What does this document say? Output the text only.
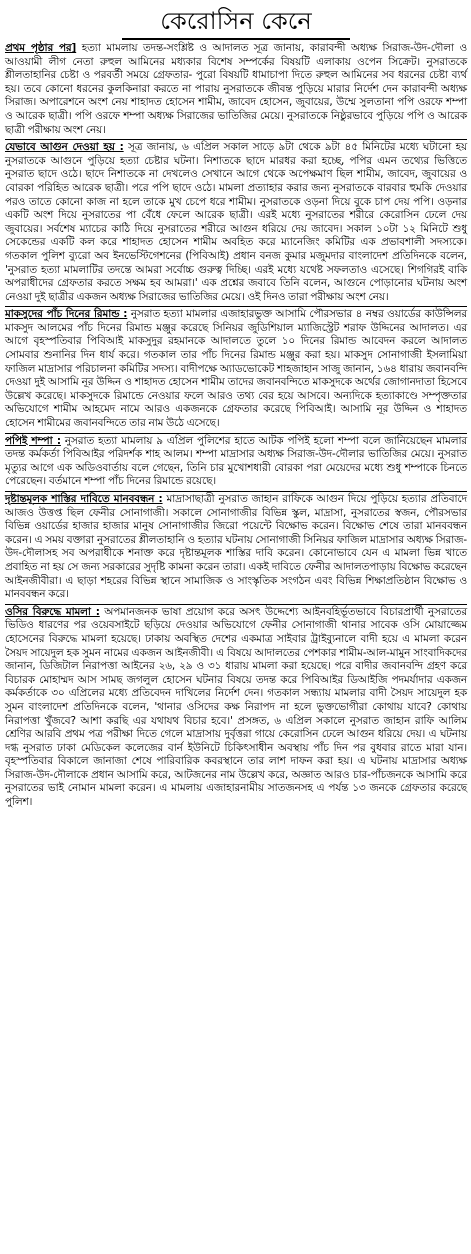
কেরোসিন কেনে

প্রথম পৃষ্ঠার পর] হত্যা মামলায় তদন্ত-সংশ্লিষ্ট ও আদালত সূত্র জানায়, কারাবন্দী অধ্যক্ষ সিরাজ-উদ-দৌলা ও আওয়ামী লীগ নেতা রুহুল আমিনের মধ্যকার বিশেষ সম্পর্কের বিষয়টি এলাকায় ওপেন সিক্রেট। নুসরাতকে শ্লীলতাহানির চেষ্টা ও পরবর্তী সময়ে গ্রেফতার- পুরো বিষয়টি ধামাচাপা দিতে রুহুল আমিনের সব ধরনের চেষ্টা ব্যর্থ হয়। তবে কোনো ধরনের কুলকিনারা করতে না পারায় নুসরাতকে জীবন্ত পুড়িয়ে মারার নির্দেশ দেন কারাবন্দী অধ্যক্ষ সিরাজ। অপারেশনে অংশ নেয় শাহাদত হোসেন শামীম, জাবেদ হোসেন, জুবায়ের, উম্মে সুলতানা পপি ওরফে শম্পা ও আরেক ছাত্রী। পপি ওরফে শম্পা অধ্যক্ষ সিরাজের ভাতিজির মেয়ে। নুসরাতকে নিষ্ঠুরভাবে পুড়িয়ে পপি ও আরেক ছাত্রী পরীক্ষায় অংশ নেয়।

যেভাবে আগুন দেওয়া হয় : সূত্র জানায়, ৬ এপ্রিল সকাল সাড়ে ৯টা থেকে ৯টা ৪৫ মিনিটের মধ্যে ঘটানো হয় নুসরাতকে আগুনে পুড়িয়ে হত্যা চেষ্টার ঘটনা। নিশাতকে ছাদে মারধর করা হচ্ছে, পপির এমন তথ্যের ভিত্তিতে নুসরাত ছাদে ওঠে। ছাদে নিশাতকে না দেখলেও সেখানে আগে থেকে অপেক্ষমাণ ছিল শামীম, জাবেদ, জুবায়ের ও বোরকা পরিহিত আরেক ছাত্রী। পরে পপি ছাদে ওঠে। মামলা প্রত্যাহার করার জন্য নুসরাতকে বারবার হুমকি দেওয়ার পরও তাতে কোনো কাজ না হলে তাকে মুখ চেপে ধরে শামীম। নুসরাতকে ওড়না দিয়ে বুকে চাপ দেয় পপি। ওড়নার একটি অংশ দিয়ে নুসরাতের পা বেঁধে ফেলে আরেক ছাত্রী। এরই মধ্যে নুসরাতের শরীরে কেরোসিন ঢেলে দেয় জুবায়ের। সর্বশেষ ম্যাচের কাঠি দিয়ে নুসরাতের শরীরে আগুন ধরিয়ে দেয় জাবেদ। সকাল ১০টা ১২ মিনিটে শুধু সেকেন্ডের একটি কল করে শাহাদত হোসেন শামীম অবহিত করে ম্যানেজিং কমিটির এক প্রভাবশালী সদস্যকে। গতকাল পুলিশ ব্যুরো অব ইনভেস্টিগেশনের (পিবিআই) প্রধান বনজ কুমার মজুমদার বাংলাদেশ প্রতিদিনকে বলেন, 'নুসরাত হত্যা মামলাটির তদন্তে আমরা সর্বোচ্চ গুরুত্ব দিচ্ছি। এরই মধ্যে যথেষ্ট সফলতাও এসেছে। শিগগিরই বাকি অপরাধীদের গ্রেফতার করতে সক্ষম হব আমরা।' এক প্রশ্নের জবাবে তিনি বলেন, আগুনে পোড়ানোর ঘটনায় অংশ নেওয়া দুই ছাত্রীর একজন অধ্যক্ষ সিরাজের ভাতিজির মেয়ে। ওই দিনও তারা পরীক্ষায় অংশ নেয়।

মাকসুদের পাঁচ দিনের রিমান্ড : নুসরাত হত্যা মামলার এজাহারভুক্ত আসামি পৌরসভার ৪ নম্বর ওয়ার্ডের কাউন্সিলর মাকসুদ আলমের পাঁচ দিনের রিমান্ড মঞ্জুর করেছে সিনিয়র জুডিশিয়াল ম্যাজিস্ট্রেট শরাফ উদ্দিনের আদালত। এর আগে বৃহস্পতিবার পিবিআই মাকসুদুর রহমানকে আদালতে তুলে ১০ দিনের রিমান্ড আবেদন করলে আদালত সোমবার শুনানির দিন ধার্য করে। গতকাল তার পাঁচ দিনের রিমান্ড মঞ্জুর করা হয়। মাকসুদ সোনাগাজী ইসলামিয়া ফাজিল মাদ্রাসার পরিচালনা কমিটির সদস্য। বাদীপক্ষে অ্যাডভোকেট শাহজাহান সাজু জানান, ১৬৪ ধারায় জবানবন্দি দেওয়া দুই আসামি নূর উদ্দিন ও শাহাদত হোসেন শামীম তাদের জবানবন্দিতে মাকসুদকে অর্থের জোগানদাতা হিসেবে উল্লেখ করেছে। মাকসুদকে রিমান্ডে নেওয়ার ফলে আরও তথ্য বের হয়ে আসবে। অন্যদিকে হত্যাকাণ্ডে সম্পৃক্ততার অভিযোগে শামীম আহমেদ নামে আরও একজনকে গ্রেফতার করেছে পিবিআই। আসামি নূর উদ্দিন ও শাহাদত হোসেন শামীমের জবানবন্দিতে তার নাম উঠে এসেছে।

পপিই শম্পা : নুসরাত হত্যা মামলায় ৯ এপ্রিল পুলিশের হাতে আটক পপিই হলো শম্পা বলে জানিয়েছেন মামলার তদন্ত কর্মকর্তা পিবিআইর পরিদর্শক শাহ আলম। শম্পা মাদ্রাসার অধ্যক্ষ সিরাজ-উদ-দৌলার ভাতিজির মেয়ে। নুসরাত মৃত্যুর আগে এক অডিওবার্তায় বলে গেছেন, তিনি চার মুখোশধারী বোরকা পরা মেয়েদের মধ্যে শুধু শম্পাকে চিনতে পেরেছেন। বর্তমানে শম্পা পাঁচ দিনের রিমান্ডে রয়েছে।

দৃষ্টান্তমূলক শাস্তির দাবিতে মানববন্ধন : মাদ্রাসাছাত্রী নুসরাত জাহান রাফিকে আগুন দিয়ে পুড়িয়ে হত্যার প্রতিবাদে আজও উত্তপ্ত ছিল ফেনীর সোনাগাজী। সকালে সোনাগাজীর বিভিন্ন স্কুল, মাদ্রাসা, নুসরাতের স্বজন, পৌরসভার বিভিন্ন ওয়ার্ডের হাজার হাজার মানুষ সোনাগাজীর জিরো পয়েন্টে বিক্ষোভ করেন। বিক্ষোভ শেষে তারা মানববন্ধন করেন। এ সময় বক্তারা নুসরাতের শ্লীলতাহানি ও হত্যার ঘটনায় সোনাগাজী সিনিয়র ফাজিল মাদ্রাসার অধ্যক্ষ সিরাজ-উদ-দৌলাসহ সব অপরাধীকে শনাক্ত করে দৃষ্টান্তমূলক শাস্তির দাবি করেন। কোনোভাবে যেন এ মামলা ভিন্ন খাতে প্রবাহিত না হয় সে জন্য সরকারের সুদৃষ্টি কামনা করেন তারা। একই দাবিতে ফেনীর আদালতপাড়ায় বিক্ষোভ করেছেন আইনজীবীরা। এ ছাড়া শহরের বিভিন্ন স্থানে সামাজিক ও সাংস্কৃতিক সংগঠন এবং বিভিন্ন শিক্ষাপ্রতিষ্ঠান বিক্ষোভ ও মানববন্ধন করে।

ওসির বিরুদ্ধে মামলা : অপমানজনক ভাষা প্রয়োগ করে অসৎ উদ্দেশ্যে আইনবহির্ভূতভাবে বিচারপ্রার্থী নুসরাতের ভিডিও ধারণের পর ওয়েবসাইটে ছড়িয়ে দেওয়ার অভিযোগে ফেনীর সোনাগাজী থানার সাবেক ওসি মোয়াজ্জেম হোসেনের বিরুদ্ধে মামলা হয়েছে। ঢাকায় অবস্থিত দেশের একমাত্র সাইবার ট্রাইব্যুনালে বাদী হয়ে এ মামলা করেন সৈয়দ সায়েদুল হক সুমন নামের একজন আইনজীবী। এ বিষয়ে আদালতের পেশকার শামীম-আল-মামুন সাংবাদিকদের জানান, ডিজিটাল নিরাপত্তা আইনের ২৬, ২৯ ও ৩১ ধারায় মামলা করা হয়েছে। পরে বাদীর জবানবন্দি গ্রহণ করে বিচারক মোহাম্মদ আস সামছ জগলুল হোসেন ঘটনার বিষয়ে তদন্ত করে পিবিআইর ডিআইজি পদমর্যাদার একজন কর্মকর্তাকে ৩০ এপ্রিলের মধ্যে প্রতিবেদন দাখিলের নির্দেশ দেন। গতকাল সন্ধ্যায় মামলার বাদী সৈয়দ সায়েদুল হক সুমন বাংলাদেশ প্রতিদিনকে বলেন, 'থানার ওসিদের কক্ষ নিরাপদ না হলে ভুক্তভোগীরা কোথায় যাবে? কোথায় নিরাপত্তা খুঁজবে? আশা করছি এর যথাযথ বিচার হবে।' প্রসঙ্গত, ৬ এপ্রিল সকালে নুসরাত জাহান রাফি আলিম শ্রেণির আরবি প্রথম পত্র পরীক্ষা দিতে গেলে মাদ্রাসায় দুর্বৃত্তরা গায়ে কেরোসিন ঢেলে আগুন ধরিয়ে দেয়। এ ঘটনায় দগ্ধ নুসরাত ঢাকা মেডিকেল কলেজের বার্ন ইউনিটে চিকিৎসাধীন অবস্থায় পাঁচ দিন পর বুধবার রাতে মারা যান। বৃহস্পতিবার বিকালে জানাজা শেষে পারিবারিক কবরস্থানে তার লাশ দাফন করা হয়। এ ঘটনায় মাদ্রাসার অধ্যক্ষ সিরাজ-উদ-দৌলাকে প্রধান আসামি করে, আটজনের নাম উল্লেখ করে, অজ্ঞাত আরও চার-পাঁচজনকে আসামি করে নুসরাতের ভাই নোমান মামলা করেন। এ মামলায় এজাহারনামীয় সাতজনসহ এ পর্যন্ত ১৩ জনকে গ্রেফতার করেছে পুলিশ।
